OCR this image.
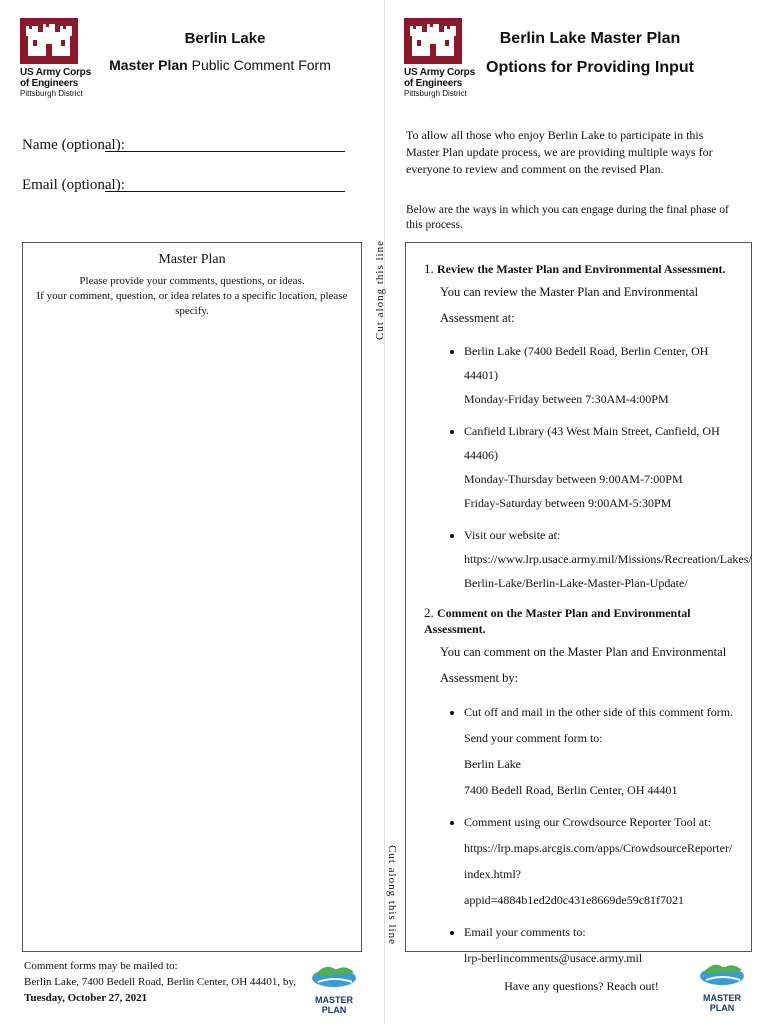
US Army Corps
of Engineers
Pittsburgh District
Berlin Lake
Master Plan Public Comment Form
Name (optional):
Email (optional):
Master Plan
Please provide your comments, questions, or ideas.
If your comment, question, or idea relates to a specific location, please specify.	Cut along this line
Cut along this line
Comment forms may be mailed to:
Berlin Lake, 7400 Bedell Road, Berlin Center, OH 44401, by,
Tuesday, October 27, 2021	MASTER PLAN
US Army Corps
of Engineers
Pittsburgh District
Berlin Lake Master Plan
Options for Providing Input
To allow all those who enjoy Berlin Lake to participate in this Master Plan update process, we are providing multiple ways for everyone to review and comment on the revised Plan.
Below are the ways in which you can engage during the final phase of this process.
1. Review the Master Plan and Environmental Assessment.
You can review the Master Plan and Environmental Assessment at:
• Berlin Lake (7400 Bedell Road, Berlin Center, OH 44401)
Monday-Friday between 7:30AM-4:00PM
• Canfield Library (43 West Main Street, Canfield, OH 44406)
Monday-Thursday between 9:00AM-7:00PM
Friday-Saturday between 9:00AM-5:30PM
• Visit our website at:
https://www.lrp.usace.army.mil/Missions/Recreation/Lakes/
Berlin-Lake/Berlin-Lake-Master-Plan-Update/
2. Comment on the Master Plan and Environmental Assessment.
You can comment on the Master Plan and Environmental
Assessment by:
• Cut off and mail in the other side of this comment form.
Send your comment form to:
Berlin Lake
7400 Bedell Road, Berlin Center, OH 44401
• Comment using our Crowdsource Reporter Tool at:
https://lrp.maps.arcgis.com/apps/CrowdsourceReporter/
index.html?appid=4884b1ed2d0c431e8669de59c81f7021
• Email your comments to:
lrp-berlincomments@usace.army.mil
Have any questions? Reach out!
MASTER PLAN
